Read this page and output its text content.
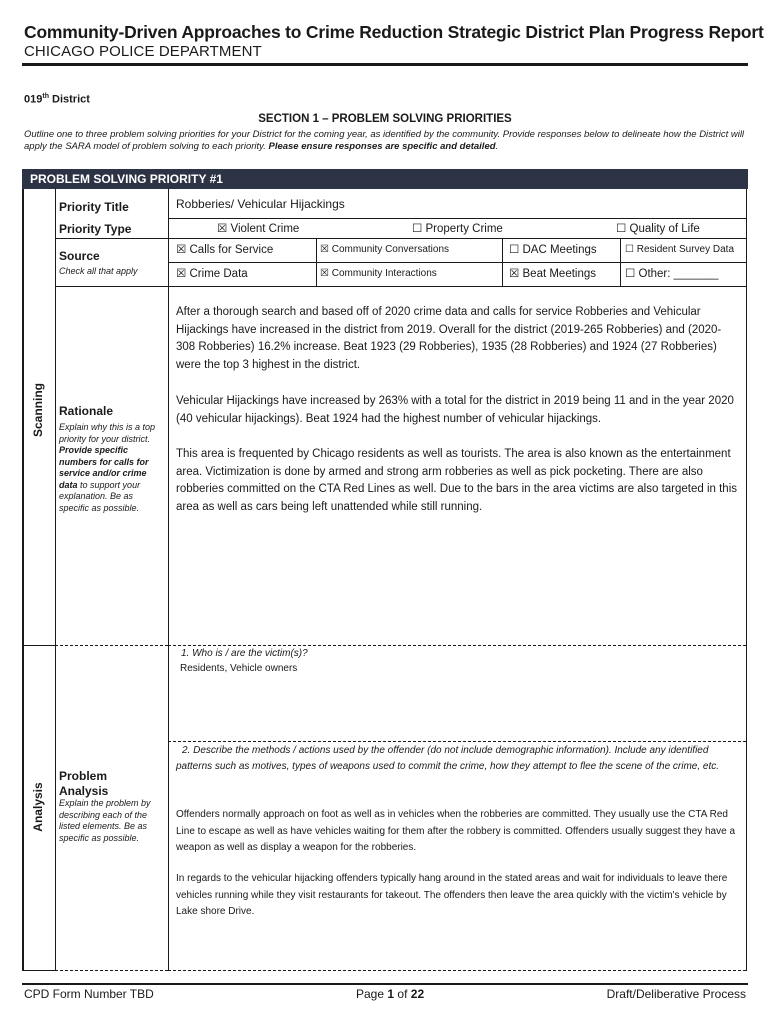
Community-Driven Approaches to Crime Reduction Strategic District Plan Progress Report
CHICAGO POLICE DEPARTMENT
019th District
SECTION 1 – PROBLEM SOLVING PRIORITIES
Outline one to three problem solving priorities for your District for the coming year, as identified by the community. Provide responses below to delineate how the District will apply the SARA model of problem solving to each priority. Please ensure responses are specific and detailed.
PROBLEM SOLVING PRIORITY #1
Scanning
Analysis
Priority Title	Robberies/ Vehicular Hijackings
Priority Type	☒ Violent Crime	☐ Property Crime	☐ Quality of Life
Source
Check all that apply
☒ Calls for Service	☒ Community Conversations	☐ DAC Meetings	☐ Resident Survey Data
☒ Crime Data	☒ Community Interactions	☒ Beat Meetings	☐ Other: _______
Rationale
Explain why this is a top priority for your district. Provide specific numbers for calls for service and/or crime data to support your explanation. Be as specific as possible.
After a thorough search and based off of 2020 crime data and calls for service Robberies and Vehicular Hijackings have increased in the district from 2019. Overall for the district (2019-265 Robberies) and (2020- 308 Robberies) 16.2% increase. Beat 1923 (29 Robberies), 1935 (28 Robberies) and 1924 (27 Robberies) were the top 3 highest in the district.
Vehicular Hijackings have increased by 263% with a total for the district in 2019 being 11 and in the year 2020 (40 vehicular hijackings). Beat 1924 had the highest number of vehicular hijackings.
This area is frequented by Chicago residents as well as tourists. The area is also known as the entertainment area. Victimization is done by armed and strong arm robberies as well as pick pocketing. There are also robberies committed on the CTA Red Lines as well. Due to the bars in the area victims are also targeted in this area as well as cars being left unattended while still running.
Problem Analysis
Explain the problem by describing each of the listed elements. Be as specific as possible.
1. Who is / are the victim(s)?
Residents, Vehicle owners
2. Describe the methods / actions used by the offender (do not include demographic information). Include any identified patterns such as motives, types of weapons used to commit the crime, how they attempt to flee the scene of the crime, etc.
Offenders normally approach on foot as well as in vehicles when the robberies are committed. They usually use the CTA Red Line to escape as well as have vehicles waiting for them after the robbery is committed. Offenders usually suggest they have a weapon as well as display a weapon for the robberies.
In regards to the vehicular hijacking offenders typically hang around in the stated areas and wait for individuals to leave there vehicles running while they visit restaurants for takeout. The offenders then leave the area quickly with the victim's vehicle by Lake shore Drive.
CPD Form Number TBD	Page 1 of 22	Draft/Deliberative Process
